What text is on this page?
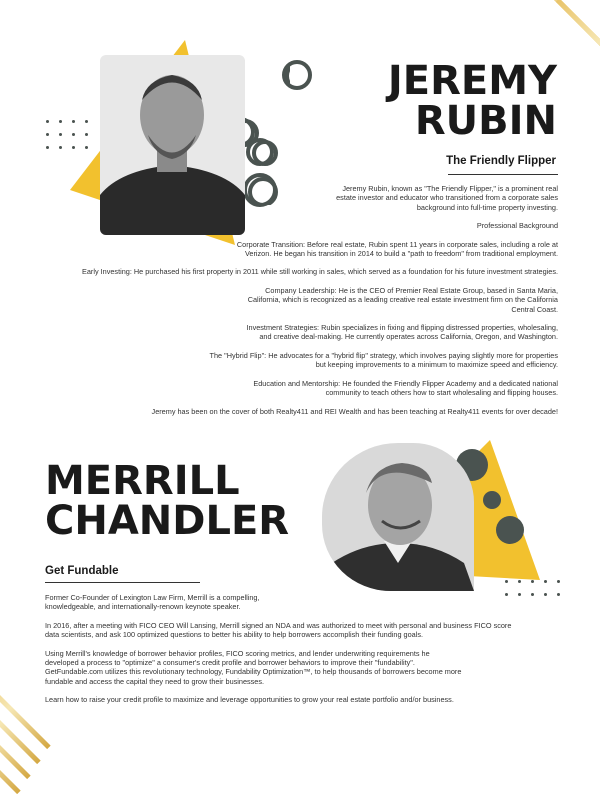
JEREMY
RUBIN
The Friendly Flipper

Jeremy Rubin, known as "The Friendly Flipper," is a prominent real estate investor and educator who transitioned from a corporate sales background into full-time property investing.

Professional Background

Corporate Transition: Before real estate, Rubin spent 11 years in corporate sales, including a role at Verizon. He began his transition in 2014 to build a "path to freedom" from traditional employment.

Early Investing: He purchased his first property in 2011 while still working in sales, which served as a foundation for his future investment strategies.

Company Leadership: He is the CEO of Premier Real Estate Group, based in Santa Maria, California, which is recognized as a leading creative real estate investment firm on the California Central Coast.

Investment Strategies: Rubin specializes in fixing and flipping distressed properties, wholesaling, and creative deal-making. He currently operates across California, Oregon, and Washington.

The "Hybrid Flip": He advocates for a "hybrid flip" strategy, which involves paying slightly more for properties but keeping improvements to a minimum to maximize speed and efficiency.

Education and Mentorship: He founded the Friendly Flipper Academy and a dedicated national community to teach others how to start wholesaling and flipping houses.

Jeremy has been on the cover of both Realty411 and REI Wealth and has been teaching at Realty411 events for over decade!

MERRILL
CHANDLER
Get Fundable

Former Co-Founder of Lexington Law Firm, Merrill is a compelling, knowledgeable, and internationally-renown keynote speaker.

In 2016, after a meeting with FICO CEO Will Lansing, Merrill signed an NDA and was authorized to meet with personal and business FICO score data scientists, and ask 100 optimized questions to better his ability to help borrowers accomplish their funding goals.

Using Merrill's knowledge of borrower behavior profiles, FICO scoring metrics, and lender underwriting requirements he developed a process to "optimize" a consumer's credit profile and borrower behaviors to improve their "fundability". GetFundable.com utilizes this revolutionary technology, Fundability Optimization™, to help thousands of borrowers become more fundable and access the capital they need to grow their businesses.

Learn how to raise your credit profile to maximize and leverage opportunities to grow your real estate portfolio and/or business.
